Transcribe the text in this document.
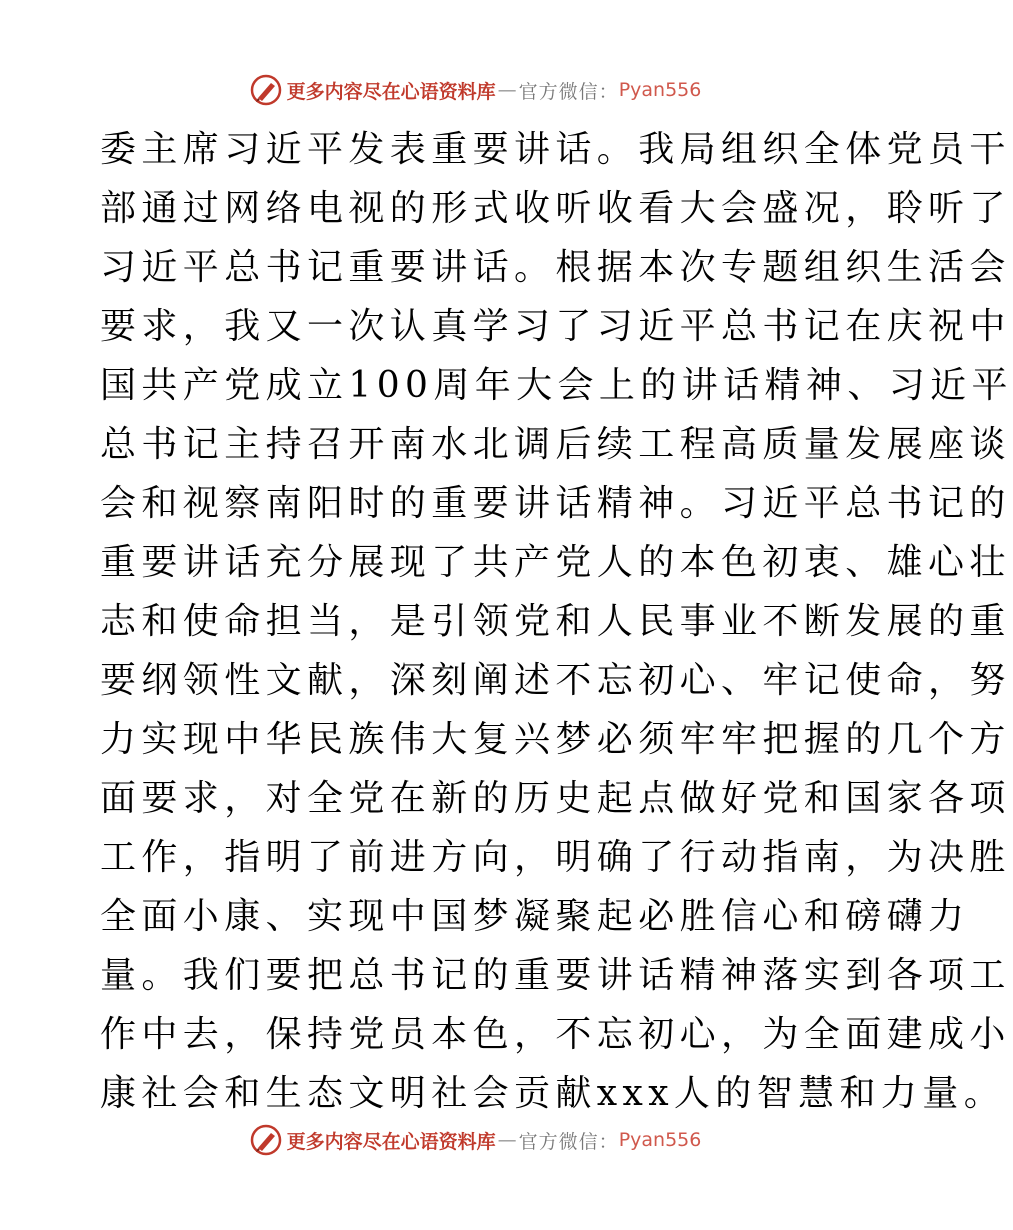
更多内容尽在心语资料库 — 官方微信： Pyan556
委主席习近平发表重要讲话。我局组织全体党员干
部通过网络电视的形式收听收看大会盛况，聆听了
习近平总书记重要讲话。根据本次专题组织生活会
要求，我又一次认真学习了习近平总书记在庆祝中
国共产党成立100周年大会上的讲话精神、习近平
总书记主持召开南水北调后续工程高质量发展座谈
会和视察南阳时的重要讲话精神。习近平总书记的
重要讲话充分展现了共产党人的本色初衷、雄心壮
志和使命担当，是引领党和人民事业不断发展的重
要纲领性文献，深刻阐述不忘初心、牢记使命，努
力实现中华民族伟大复兴梦必须牢牢把握的几个方
面要求，对全党在新的历史起点做好党和国家各项
工作，指明了前进方向，明确了行动指南，为决胜
全面小康、实现中国梦凝聚起必胜信心和磅礴力
量。我们要把总书记的重要讲话精神落实到各项工
作中去，保持党员本色，不忘初心，为全面建成小
康社会和生态文明社会贡献xxx人的智慧和力量。
更多内容尽在心语资料库 — 官方微信： Pyan556
